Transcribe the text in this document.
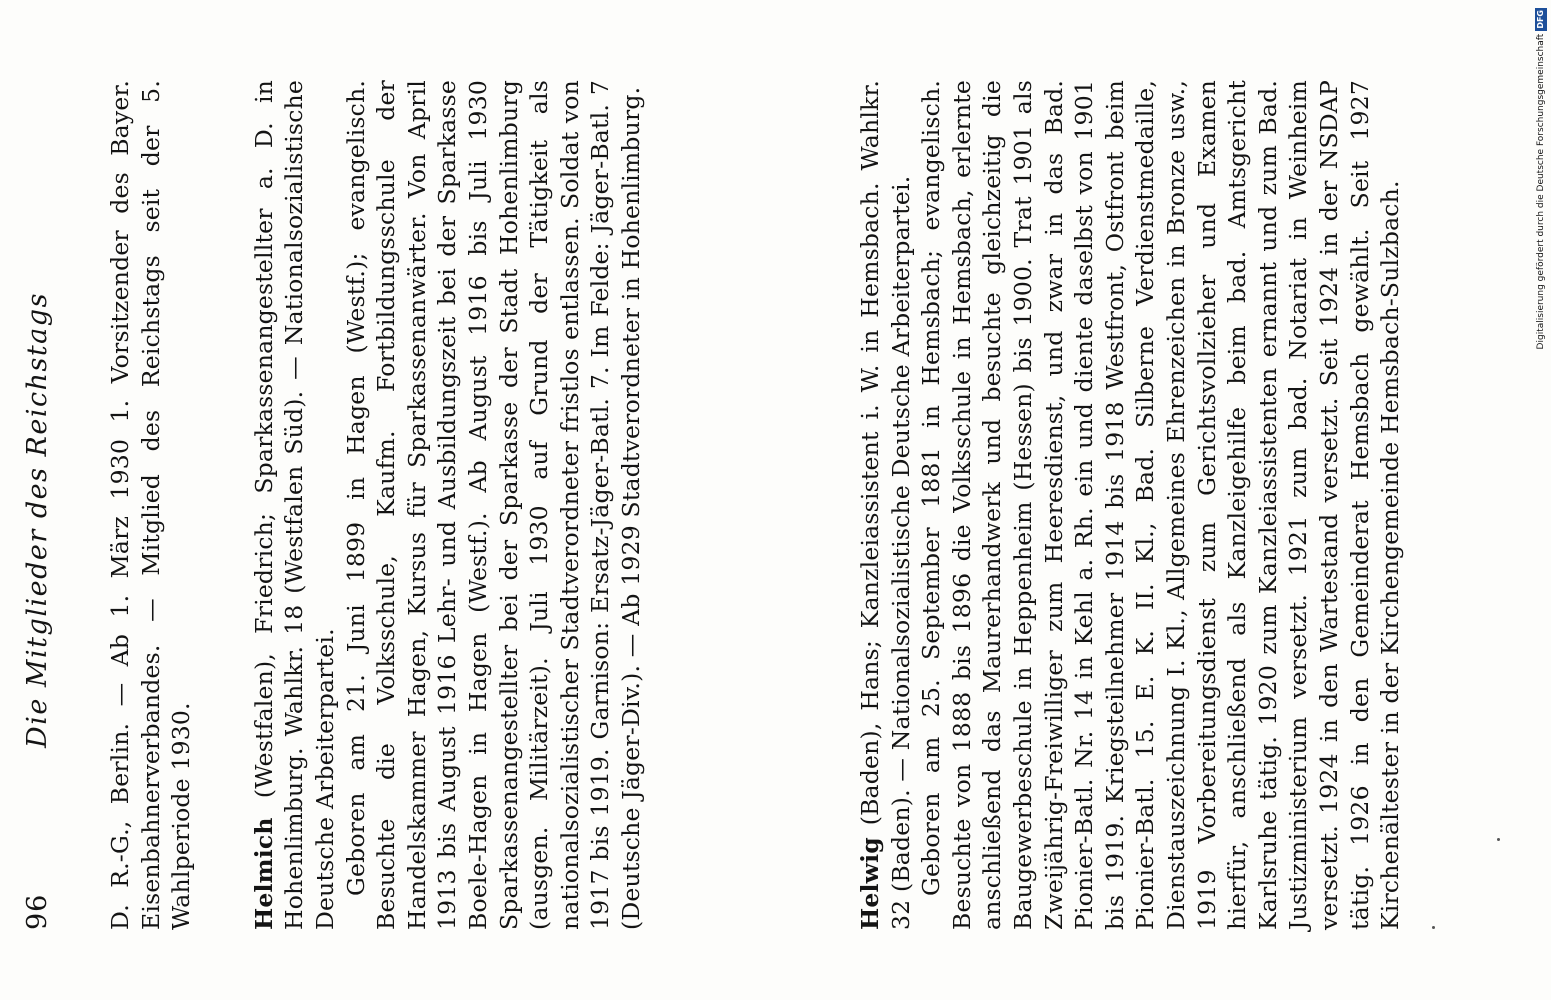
96
Die Mitglieder des Reichstags D. R.-G., Berlin. — Ab 1. März 1930 1. Vorsitzender des Bayer. Eisenbahnerverbandes. — Mitglied des Reichstags seit der 5. Wahlperiode 1930. Helmich (Westfalen), Friedrich; Sparkassenangestellter a. D. in Hohenlimburg. Wahlkr. 18 (Westfalen Süd). — Nationalsozialistische Deutsche Arbeiterpartei. Geboren am 21. Juni 1899 in Hagen (Westf.); evangelisch. Besuchte die Volksschule, Kaufm. Fortbildungsschule der Handelskammer Hagen, Kursus für Sparkassenanwärter. Von April 1913 bis August 1916 Lehr- und Ausbildungszeit bei der Sparkasse Boele-Hagen in Hagen (Westf.). Ab August 1916 bis Juli 1930 Sparkassenangestellter bei der Sparkasse der Stadt Hohenlimburg (ausgen. Militärzeit). Juli 1930 auf Grund der Tätigkeit als nationalsozialistischer Stadtverordneter fristlos entlassen. Soldat von 1917 bis 1919. Garnison: Ersatz-Jäger-Batl. 7. Im Felde: Jäger-Batl. 7 (Deutsche Jäger-Div.). — Ab 1929 Stadtverordneter in Hohenlimburg.	Helwig (Baden), Hans; Kanzleiassistent i. W. in Hemsbach. Wahlkr. 32 (Baden). — Nationalsozialistische Deutsche Arbeiterpartei. Geboren am 25. September 1881 in Hemsbach; evangelisch. Besuchte von 1888 bis 1896 die Volksschule in Hemsbach, erlernte anschließend das Maurerhandwerk und besuchte gleichzeitig die Baugewerbeschule in Heppenheim (Hessen) bis 1900. Trat 1901 als Zweijährig-Freiwilliger zum Heeresdienst, und zwar in das Bad. Pionier-Batl. Nr. 14 in Kehl a. Rh. ein und diente daselbst von 1901 bis 1919. Kriegsteilnehmer 1914 bis 1918 Westfront, Ostfront beim Pionier-Batl. 15. E. K. II. Kl., Bad. Silberne Verdienstmedaille, Dienstauszeichnung I. Kl., Allgemeines Ehrenzeichen in Bronze usw., 1919 Vorbereitungsdienst zum Gerichtsvollzieher und Examen hierfür, anschließend als Kanzleigehilfe beim bad. Amtsgericht Karlsruhe tätig. 1920 zum Kanzleiassistenten ernannt und zum Bad. Justizministerium versetzt. 1921 zum bad. Notariat in Weinheim versetzt. 1924 in den Wartestand versetzt. Seit 1924 in der NSDAP tätig. 1926 in den Gemeinderat Hemsbach gewählt. Seit 1927 Kirchenältester in der Kirchengemeinde Hemsbach-Sulzbach.	Digitalisierung gefördert durch die Deutsche ForschungsgemeinschaftDFG
